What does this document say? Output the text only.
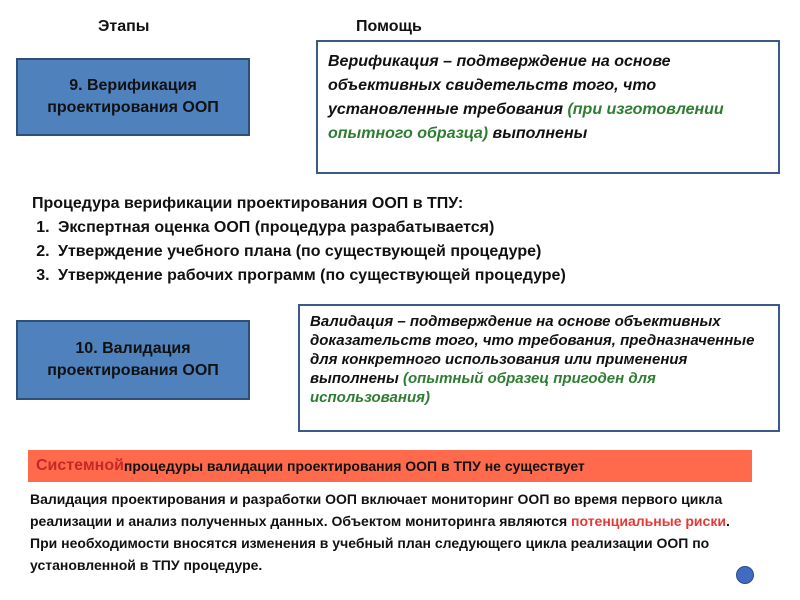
Этапы	Помощь
9. Верификация проектирования ООП
Верификация – подтверждение на основе объективных свидетельств того, что установленные требования (при изготовлении опытного образца) выполнены
Процедура верификации проектирования ООП в ТПУ:
1. Экспертная оценка ООП (процедура разрабатывается)
2. Утверждение учебного плана (по существующей процедуре)
3. Утверждение рабочих программ (по существующей процедуре)
10. Валидация проектирования ООП
Валидация – подтверждение на основе объективных доказательств того, что требования, предназначенные для конкретного использования или применения выполнены (опытный образец пригоден для использования)
Системной процедуры валидации проектирования ООП в ТПУ не существует
Валидация проектирования и разработки ООП включает мониторинг ООП во время первого цикла реализации и анализ полученных данных. Объектом мониторинга являются потенциальные риски.
При необходимости вносятся изменения в учебный план следующего цикла реализации ООП по установленной в ТПУ процедуре.
